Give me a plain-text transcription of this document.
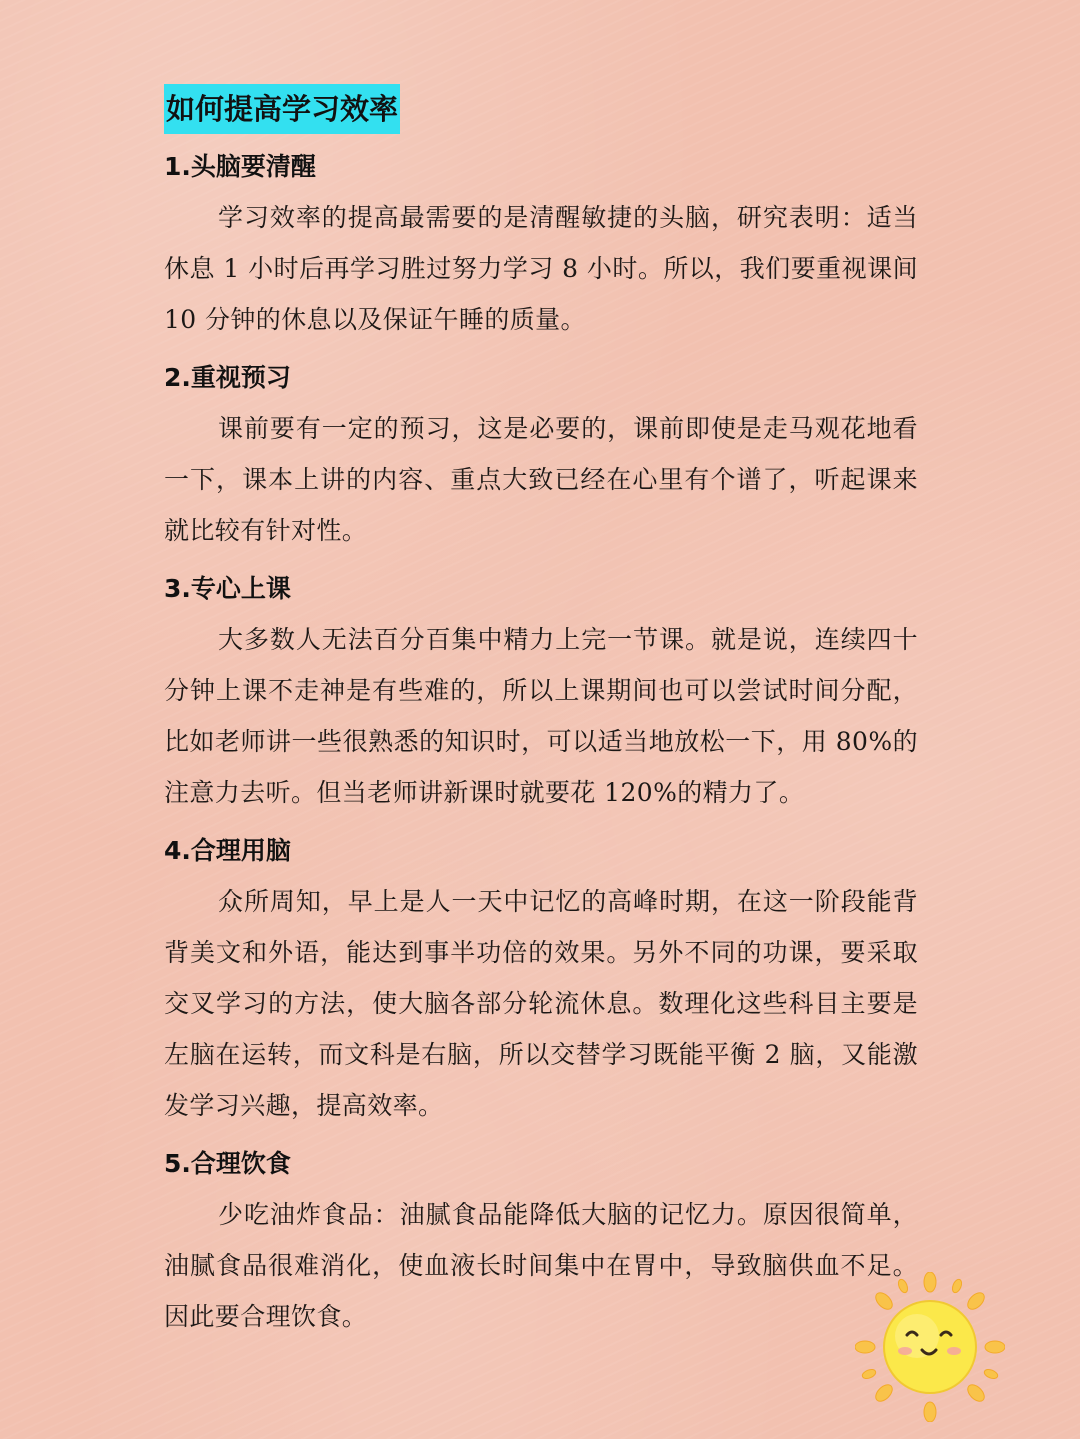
如何提高学习效率
1.头脑要清醒
学习效率的提高最需要的是清醒敏捷的头脑，研究表明：适当休息 1 小时后再学习胜过努力学习 8 小时。所以，我们要重视课间 10 分钟的休息以及保证午睡的质量。
2.重视预习
课前要有一定的预习，这是必要的，课前即使是走马观花地看一下，课本上讲的内容、重点大致已经在心里有个谱了，听起课来就比较有针对性。
3.专心上课
大多数人无法百分百集中精力上完一节课。就是说，连续四十分钟上课不走神是有些难的，所以上课期间也可以尝试时间分配，比如老师讲一些很熟悉的知识时，可以适当地放松一下，用 80%的注意力去听。但当老师讲新课时就要花 120%的精力了。
4.合理用脑
众所周知，早上是人一天中记忆的高峰时期，在这一阶段能背背美文和外语，能达到事半功倍的效果。另外不同的功课，要采取交叉学习的方法，使大脑各部分轮流休息。数理化这些科目主要是左脑在运转，而文科是右脑，所以交替学习既能平衡 2 脑，又能激发学习兴趣，提高效率。
5.合理饮食
少吃油炸食品：油腻食品能降低大脑的记忆力。原因很简单，油腻食品很难消化，使血液长时间集中在胃中，导致脑供血不足。因此要合理饮食。
